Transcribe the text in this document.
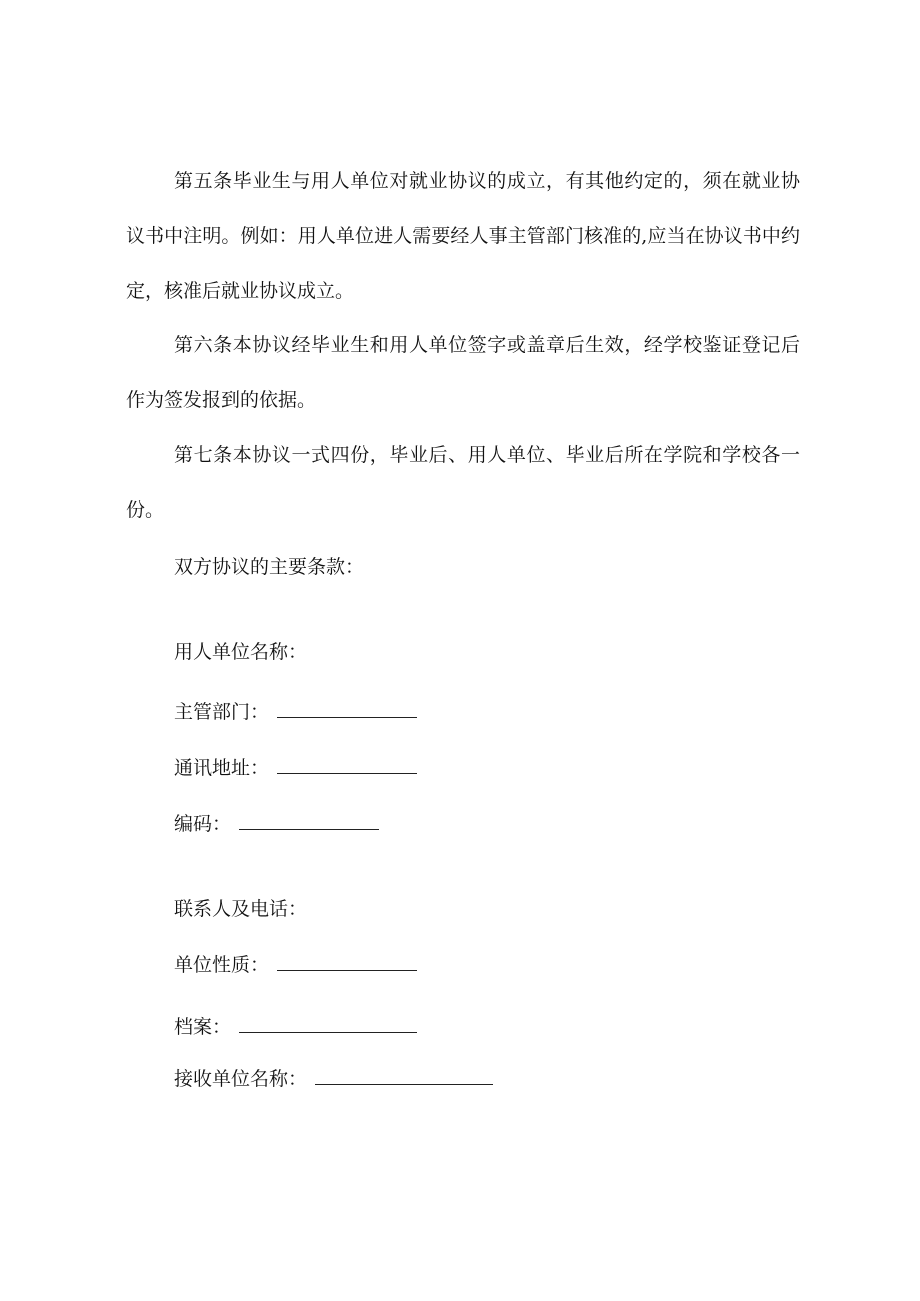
第五条毕业生与用人单位对就业协议的成立，有其他约定的，须在就业协议书中注明。例如：用人单位进人需要经人事主管部门核准的,应当在协议书中约定，核准后就业协议成立。

第六条本协议经毕业生和用人单位签字或盖章后生效，经学校鉴证登记后作为签发报到的依据。

第七条本协议一式四份，毕业后、用人单位、毕业后所在学院和学校各一份。

双方协议的主要条款：

用人单位名称：

主管部门：

通讯地址：

编码：

联系人及电话：

单位性质：

档案：

接收单位名称：
